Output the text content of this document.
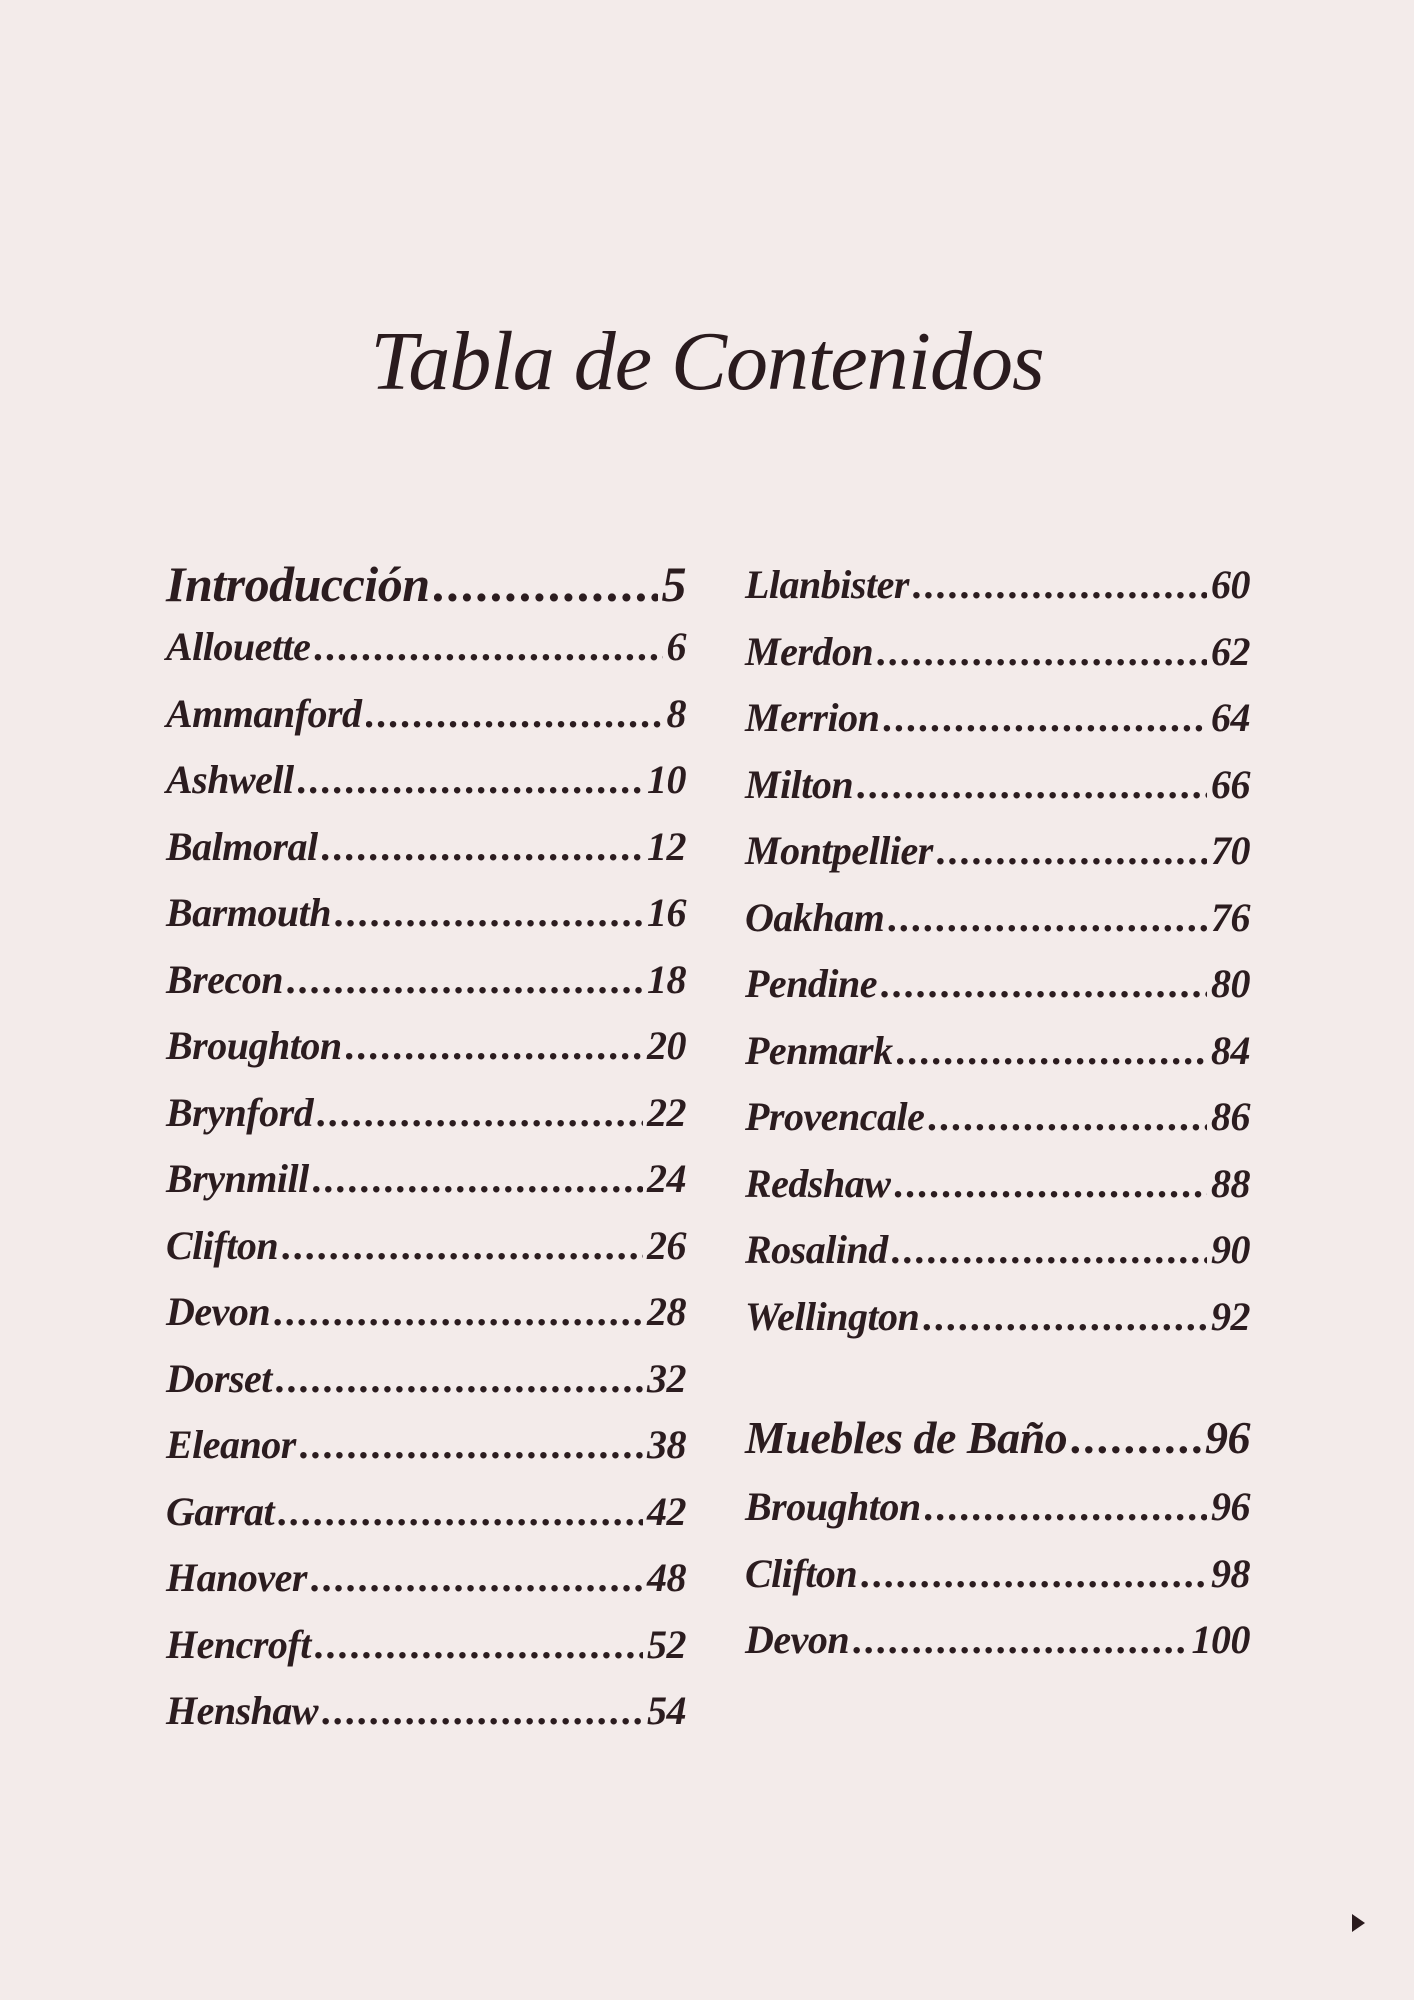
Tabla de Contenidos
Introducción .....	5
Allouette .....	6
Ammanford .....	8
Ashwell .....	10
Balmoral .....	12
Barmouth .....	16
Brecon .....	18
Broughton .....	20
Brynford .....	22
Brynmill .....	24
Clifton .....	26
Devon .....	28
Dorset .....	32
Eleanor .....	38
Garrat .....	42
Hanover .....	48
Hencroft .....	52
Henshaw .....	54
Llanbister .....	60
Merdon .....	62
Merrion .....	64
Milton .....	66
Montpellier .....	70
Oakham .....	76
Pendine .....	80
Penmark .....	84
Provencale .....	86
Redshaw .....	88
Rosalind .....	90
Wellington .....	92
Muebles de Baño .....	96
Broughton .....	96
Clifton .....	98
Devon .....	100
